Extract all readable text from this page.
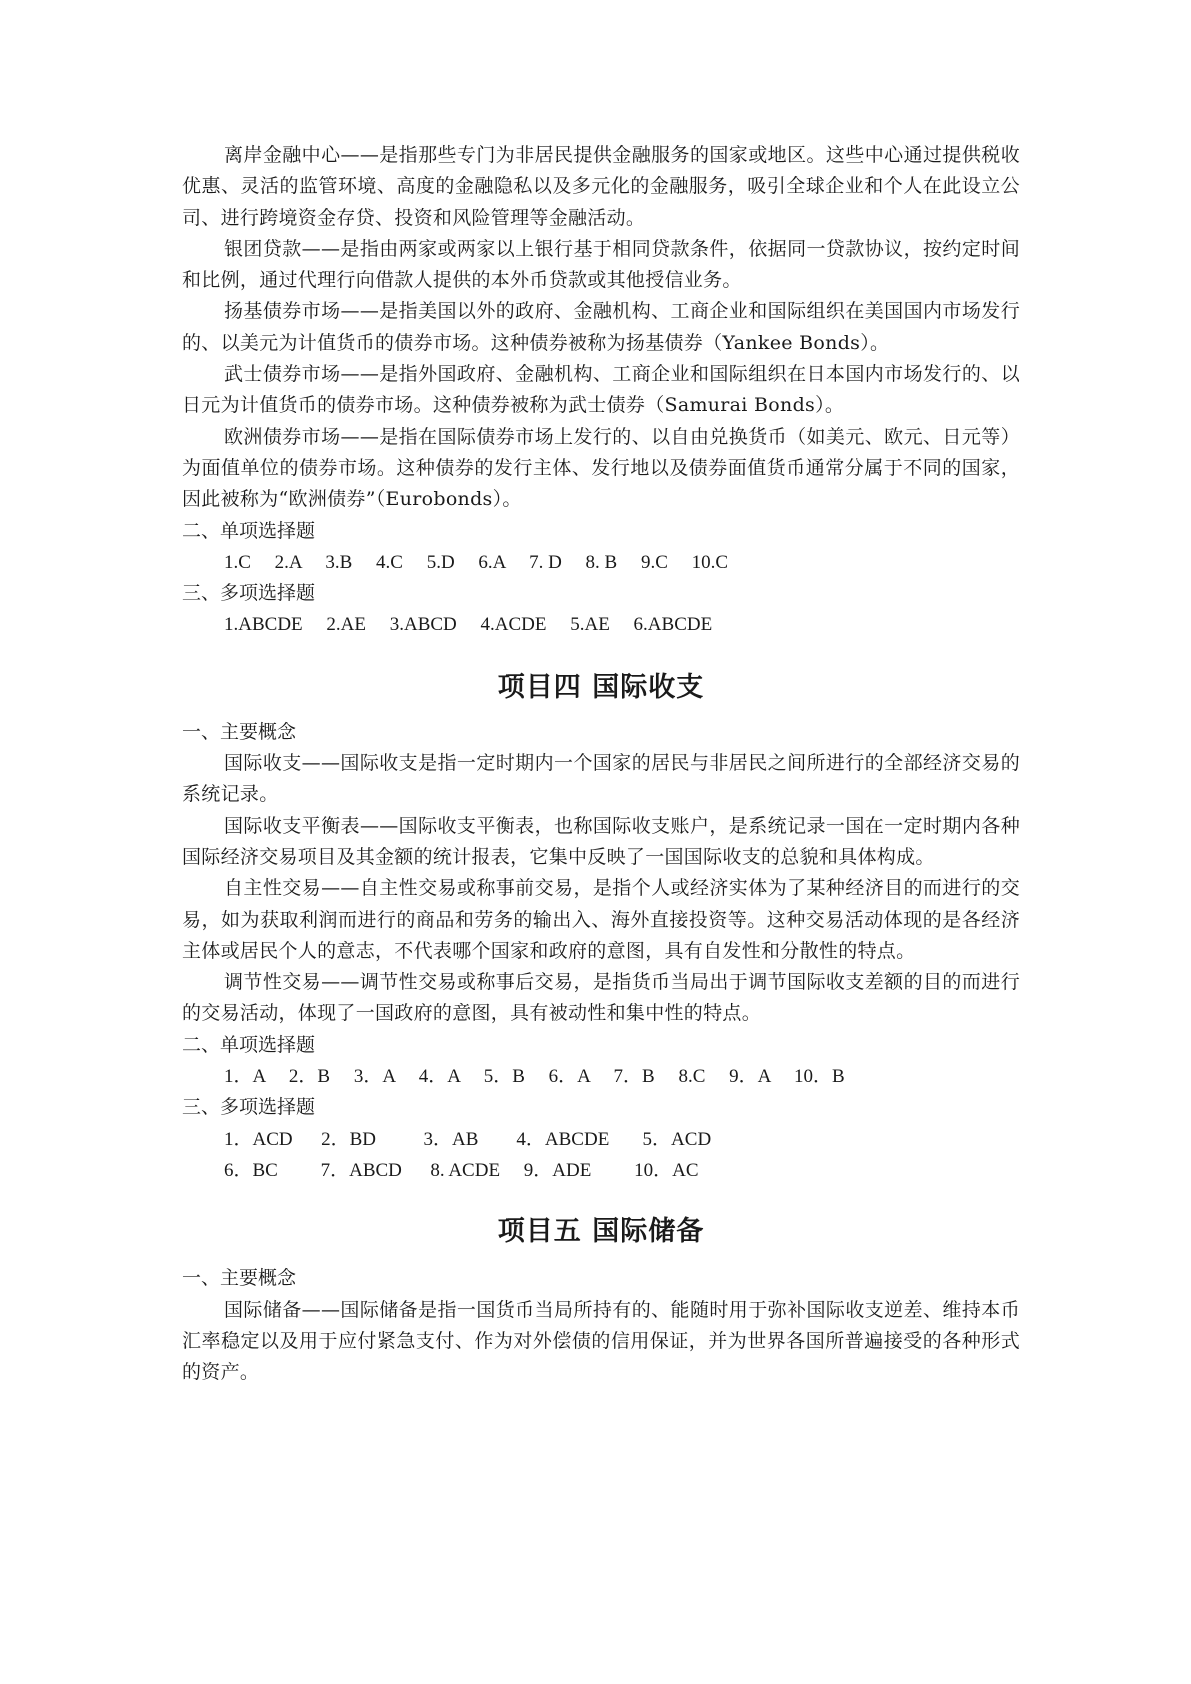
离岸金融中心——是指那些专门为非居民提供金融服务的国家或地区。这些中心通过提供税收优惠、灵活的监管环境、高度的金融隐私以及多元化的金融服务，吸引全球企业和个人在此设立公司、进行跨境资金存贷、投资和风险管理等金融活动。

银团贷款——是指由两家或两家以上银行基于相同贷款条件，依据同一贷款协议，按约定时间和比例，通过代理行向借款人提供的本外币贷款或其他授信业务。

扬基债券市场——是指美国以外的政府、金融机构、工商企业和国际组织在美国国内市场发行的、以美元为计值货币的债券市场。这种债券被称为扬基债券（Yankee Bonds）。

武士债券市场——是指外国政府、金融机构、工商企业和国际组织在日本国内市场发行的、以日元为计值货币的债券市场。这种债券被称为武士债券（Samurai Bonds）。

欧洲债券市场——是指在国际债券市场上发行的、以自由兑换货币（如美元、欧元、日元等）为面值单位的债券市场。这种债券的发行主体、发行地以及债券面值货币通常分属于不同的国家，因此被称为“欧洲债券”（Eurobonds）。

二、单项选择题

1.C     2.A     3.B     4.C     5.D     6.A     7. D     8. B     9.C     10.C

三、多项选择题

1.ABCDE     2.AE     3.ABCD     4.ACDE     5.AE     6.ABCDE

项目四 国际收支

一、主要概念

国际收支——国际收支是指一定时期内一个国家的居民与非居民之间所进行的全部经济交易的系统记录。

国际收支平衡表——国际收支平衡表，也称国际收支账户，是系统记录一国在一定时期内各种国际经济交易项目及其金额的统计报表，它集中反映了一国国际收支的总貌和具体构成。

自主性交易——自主性交易或称事前交易，是指个人或经济实体为了某种经济目的而进行的交易，如为获取利润而进行的商品和劳务的输出入、海外直接投资等。这种交易活动体现的是各经济主体或居民个人的意志，不代表哪个国家和政府的意图，具有自发性和分散性的特点。

调节性交易——调节性交易或称事后交易，是指货币当局出于调节国际收支差额的目的而进行的交易活动，体现了一国政府的意图，具有被动性和集中性的特点。

二、单项选择题

1．A     2．B     3．A     4．A     5．B     6．A     7．B     8.C     9．A     10．B

三、多项选择题

1．ACD      2．BD          3．AB        4．ABCDE       5．ACD

6．BC         7．ABCD      8. ACDE     9．ADE         10．AC

项目五 国际储备

一、主要概念

国际储备——国际储备是指一国货币当局所持有的、能随时用于弥补国际收支逆差、维持本币汇率稳定以及用于应付紧急支付、作为对外偿债的信用保证，并为世界各国所普遍接受的各种形式的资产。
